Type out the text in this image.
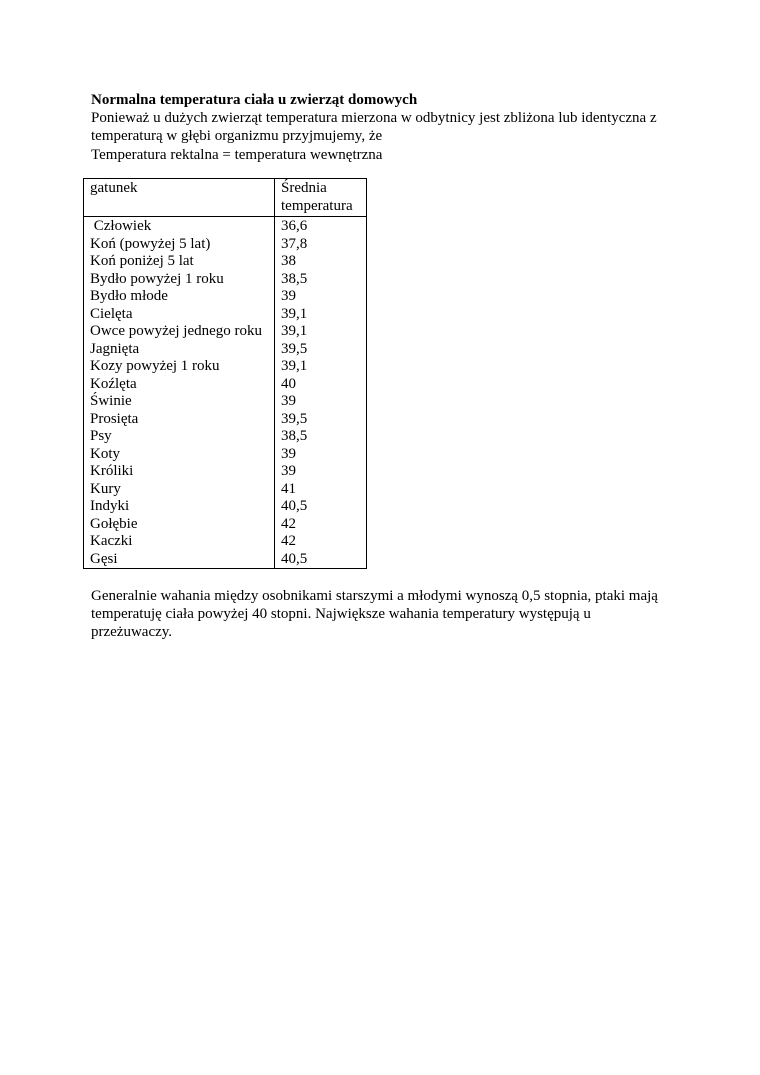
Normalna temperatura ciała u zwierząt domowych
Ponieważ u dużych zwierząt temperatura mierzona w odbytnicy jest zbliżona lub identyczna z
temperaturą w głębi organizmu przyjmujemy, że
Temperatura rektalna = temperatura wewnętrzna
gatunek	Średnia
temperatura
Człowiek	36,6
Koń (powyżej 5 lat)	37,8
Koń poniżej 5 lat	38
Bydło powyżej 1 roku	38,5
Bydło młode	39
Cielęta	39,1
Owce powyżej jednego roku	39,1
Jagnięta	39,5
Kozy powyżej 1 roku	39,1
Koźlęta	40
Świnie	39
Prosięta	39,5
Psy	38,5
Koty	39
Króliki	39
Kury	41
Indyki	40,5
Gołębie	42
Kaczki	42
Gęsi	40,5
Generalnie wahania między osobnikami starszymi a młodymi wynoszą 0,5 stopnia, ptaki mają
temperatuję ciała powyżej 40 stopni. Największe wahania temperatury występują u
przeżuwaczy.
